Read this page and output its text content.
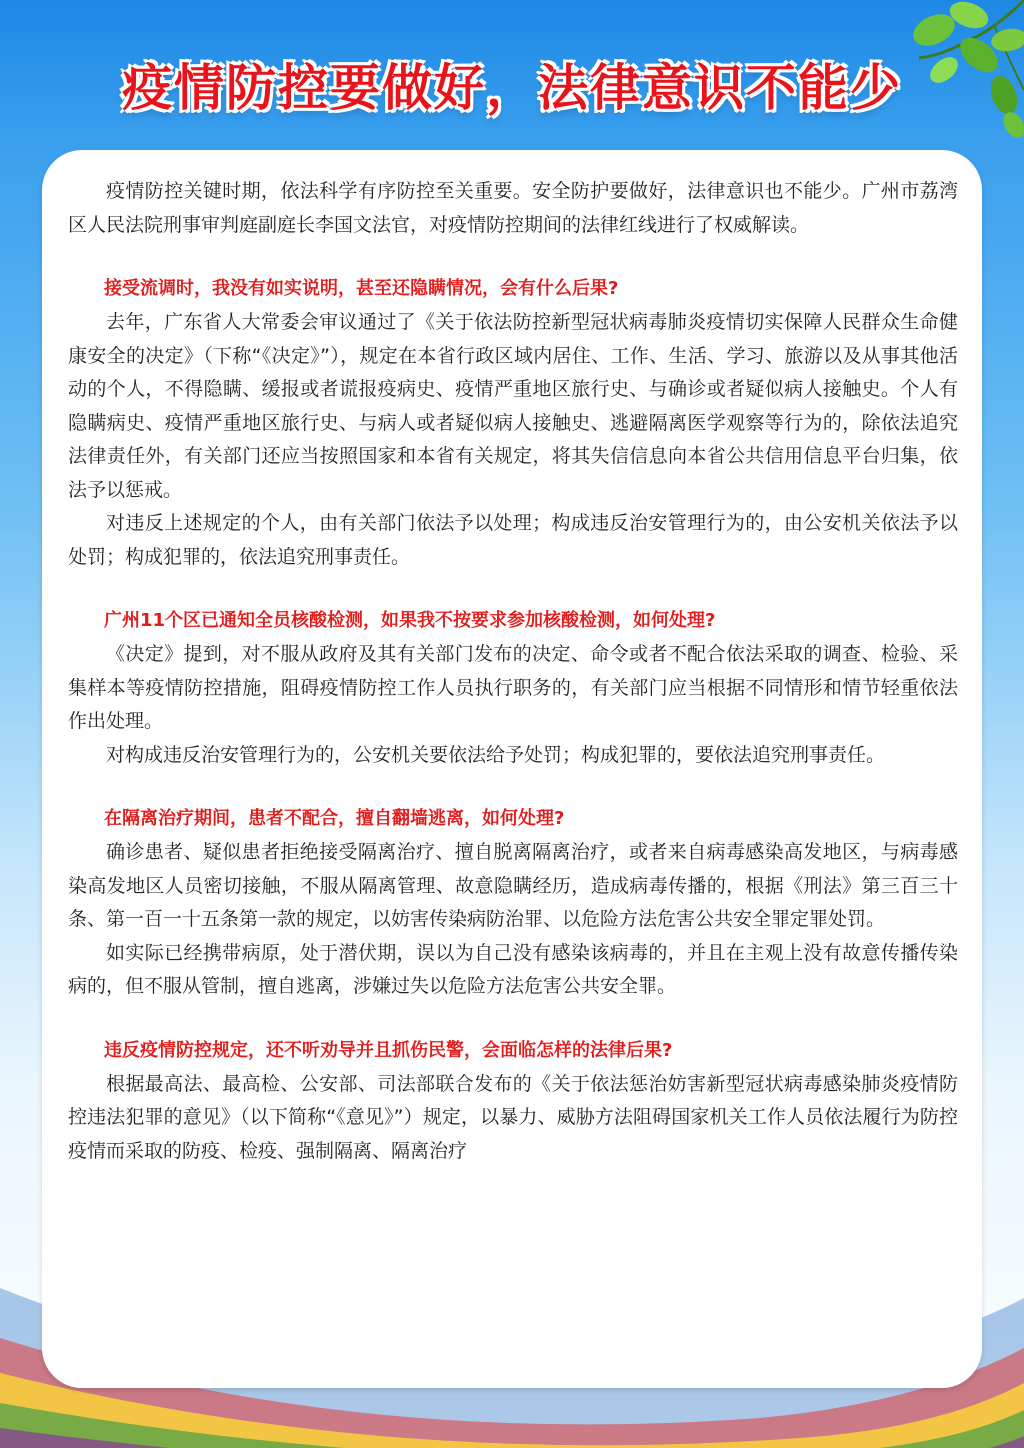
疫情防控要做好，法律意识不能少

疫情防控关键时期，依法科学有序防控至关重要。安全防护要做好，法律意识也不能少。广州市荔湾区人民法院刑事审判庭副庭长李国文法官，对疫情防控期间的法律红线进行了权威解读。

接受流调时，我没有如实说明，甚至还隐瞒情况，会有什么后果?

去年，广东省人大常委会审议通过了《关于依法防控新型冠状病毒肺炎疫情切实保障人民群众生命健康安全的决定》（下称“《决定》”），规定在本省行政区域内居住、工作、生活、学习、旅游以及从事其他活动的个人，不得隐瞒、缓报或者谎报疫病史、疫情严重地区旅行史、与确诊或者疑似病人接触史。个人有隐瞒病史、疫情严重地区旅行史、与病人或者疑似病人接触史、逃避隔离医学观察等行为的，除依法追究法律责任外，有关部门还应当按照国家和本省有关规定，将其失信信息向本省公共信用信息平台归集，依法予以惩戒。

对违反上述规定的个人，由有关部门依法予以处理；构成违反治安管理行为的，由公安机关依法予以处罚；构成犯罪的，依法追究刑事责任。

广州11个区已通知全员核酸检测，如果我不按要求参加核酸检测，如何处理?

《决定》提到，对不服从政府及其有关部门发布的决定、命令或者不配合依法采取的调查、检验、采集样本等疫情防控措施，阻碍疫情防控工作人员执行职务的，有关部门应当根据不同情形和情节轻重依法作出处理。

对构成违反治安管理行为的，公安机关要依法给予处罚；构成犯罪的，要依法追究刑事责任。

在隔离治疗期间，患者不配合，擅自翻墙逃离，如何处理?

确诊患者、疑似患者拒绝接受隔离治疗、擅自脱离隔离治疗，或者来自病毒感染高发地区，与病毒感染高发地区人员密切接触，不服从隔离管理、故意隐瞒经历，造成病毒传播的，根据《刑法》第三百三十条、第一百一十五条第一款的规定，以妨害传染病防治罪、以危险方法危害公共安全罪定罪处罚。

如实际已经携带病原，处于潜伏期，误以为自己没有感染该病毒的，并且在主观上没有故意传播传染病的，但不服从管制，擅自逃离，涉嫌过失以危险方法危害公共安全罪。

违反疫情防控规定，还不听劝导并且抓伤民警，会面临怎样的法律后果?

根据最高法、最高检、公安部、司法部联合发布的《关于依法惩治妨害新型冠状病毒感染肺炎疫情防控违法犯罪的意见》（以下简称“《意见》”）规定，以暴力、威胁方法阻碍国家机关工作人员依法履行为防控疫情而采取的防疫、检疫、强制隔离、隔离治疗
